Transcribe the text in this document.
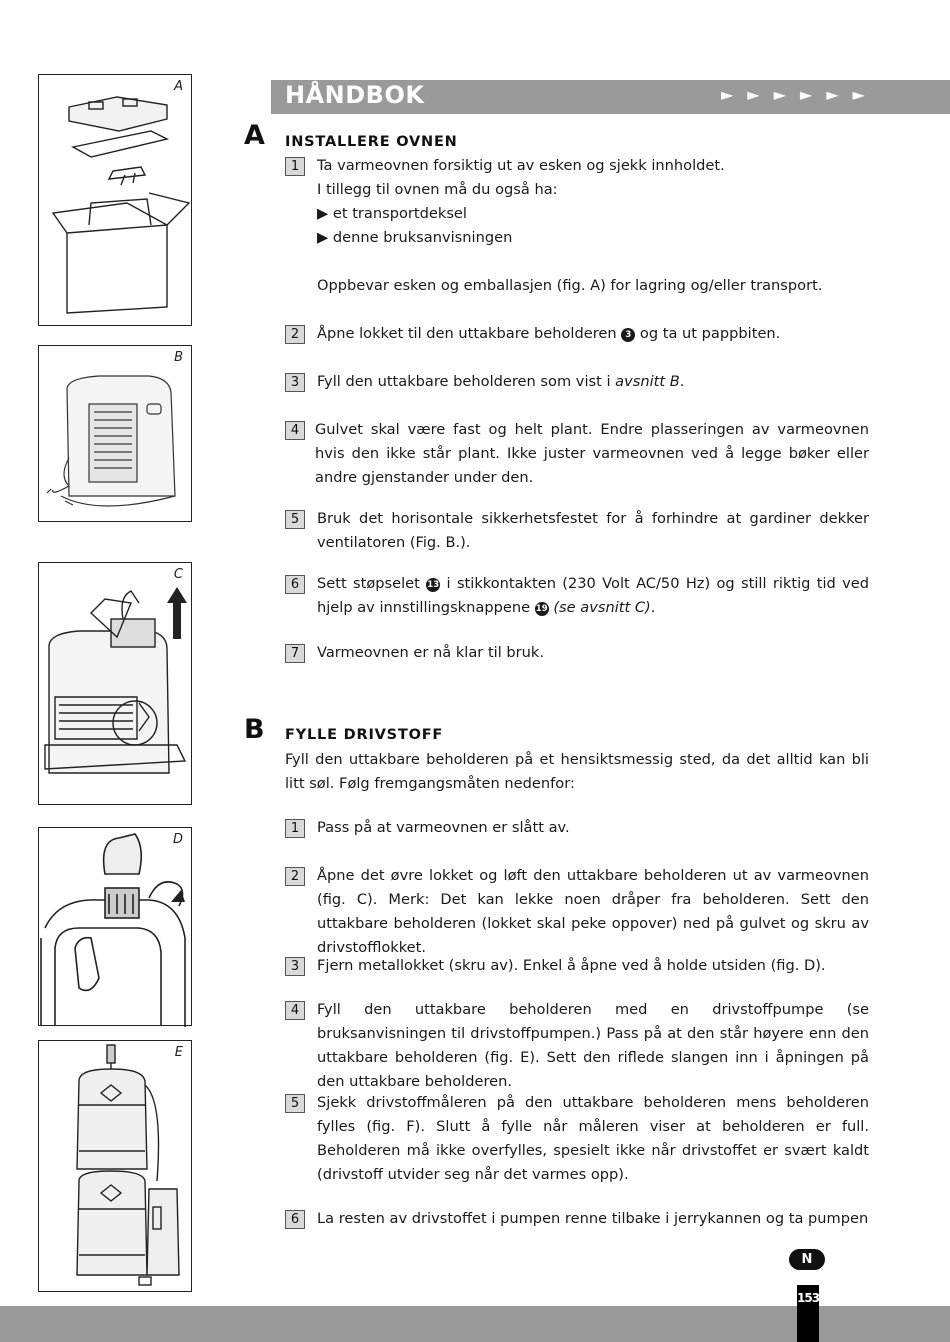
A
B
C
D
E
HÅNDBOK	►►►►►►
A INSTALLERE OVNEN
1	Ta varmeovnen forsiktig ut av esken og sjekk innholdet.
I tillegg til ovnen må du også ha:
▶ et transportdeksel
▶ denne bruksanvisningen

Oppbevar esken og emballasjen (fig. A) for lagring og/eller transport.
2	Åpne lokket til den uttakbare beholderen 3 og ta ut pappbiten.
3	Fyll den uttakbare beholderen som vist i avsnitt B.
4	Gulvet skal være fast og helt plant. Endre plasseringen av varmeovnen hvis den ikke står plant. Ikke juster varmeovnen ved å legge bøker eller andre gjenstander under den.
5	Bruk det horisontale sikkerhetsfestet for å forhindre at gardiner dekker ventilatoren (Fig. B.).
6	Sett støpselet 13 i stikkontakten (230 Volt AC/50 Hz) og still riktig tid ved hjelp av innstillingsknappene 19 (se avsnitt C).
7	Varmeovnen er nå klar til bruk.
B FYLLE DRIVSTOFF
Fyll den uttakbare beholderen på et hensiktsmessig sted, da det alltid kan bli litt søl. Følg fremgangsmåten nedenfor:
1	Pass på at varmeovnen er slått av.
2	Åpne det øvre lokket og løft den uttakbare beholderen ut av varmeovnen (fig. C). Merk: Det kan lekke noen dråper fra beholderen. Sett den uttakbare beholderen (lokket skal peke oppover) ned på gulvet og skru av drivstofflokket.
3	Fjern metallokket (skru av). Enkel å åpne ved å holde utsiden (fig. D).
4	Fyll den uttakbare beholderen med en drivstoffpumpe (se bruksanvisningen til drivstoffpumpen.) Pass på at den står høyere enn den uttakbare beholderen (fig. E). Sett den riflede slangen inn i åpningen på den uttakbare beholderen.
5	Sjekk drivstoffmåleren på den uttakbare beholderen mens beholderen fylles (fig. F). Slutt å fylle når måleren viser at beholderen er full. Beholderen må ikke overfylles, spesielt ikke når drivstoffet er svært kaldt (drivstoff utvider seg når det varmes opp).
6	La resten av drivstoffet i pumpen renne tilbake i jerrykannen og ta pumpen
N
153
